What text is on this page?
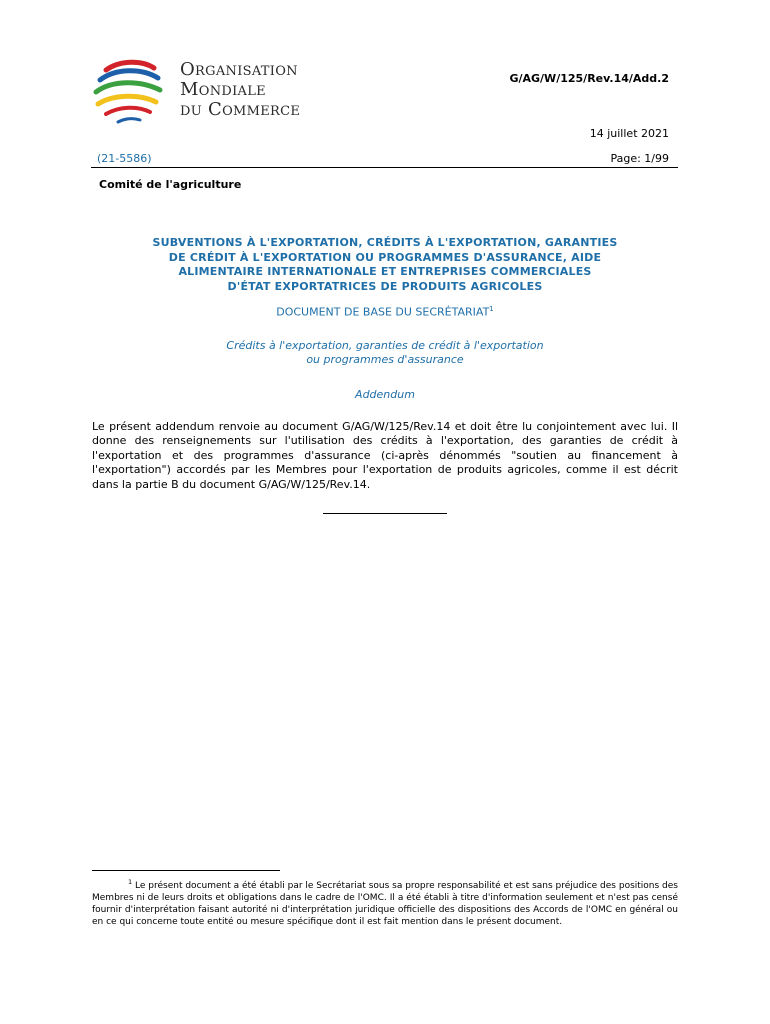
Organisation
Mondiale
du Commerce
G/AG/W/125/Rev.14/Add.2
14 juillet 2021
(21-5586)	Page: 1/99
Comité de l'agriculture
SUBVENTIONS À L'EXPORTATION, CRÉDITS À L'EXPORTATION, GARANTIES
DE CRÉDIT À L'EXPORTATION OU PROGRAMMES D'ASSURANCE, AIDE
ALIMENTAIRE INTERNATIONALE ET ENTREPRISES COMMERCIALES
D'ÉTAT EXPORTATRICES DE PRODUITS AGRICOLES
DOCUMENT DE BASE DU SECRÉTARIAT$^1$
Crédits à l'exportation, garanties de crédit à l'exportation
ou programmes d'assurance
Addendum
Le présent addendum renvoie au document G/AG/W/125/Rev.14 et doit être lu conjointement avec lui. Il donne des renseignements sur l'utilisation des crédits à l'exportation, des garanties de crédit à l'exportation et des programmes d'assurance (ci-après dénommés "soutien au financement à l'exportation") accordés par les Membres pour l'exportation de produits agricoles, comme il est décrit dans la partie B du document G/AG/W/125/Rev.14.
$^1$ Le présent document a été établi par le Secrétariat sous sa propre responsabilité et est sans préjudice des positions des Membres ni de leurs droits et obligations dans le cadre de l'OMC. Il a été établi à titre d'information seulement et n'est pas censé fournir d'interprétation faisant autorité ni d'interprétation juridique officielle des dispositions des Accords de l'OMC en général ou en ce qui concerne toute entité ou mesure spécifique dont il est fait mention dans le présent document.
